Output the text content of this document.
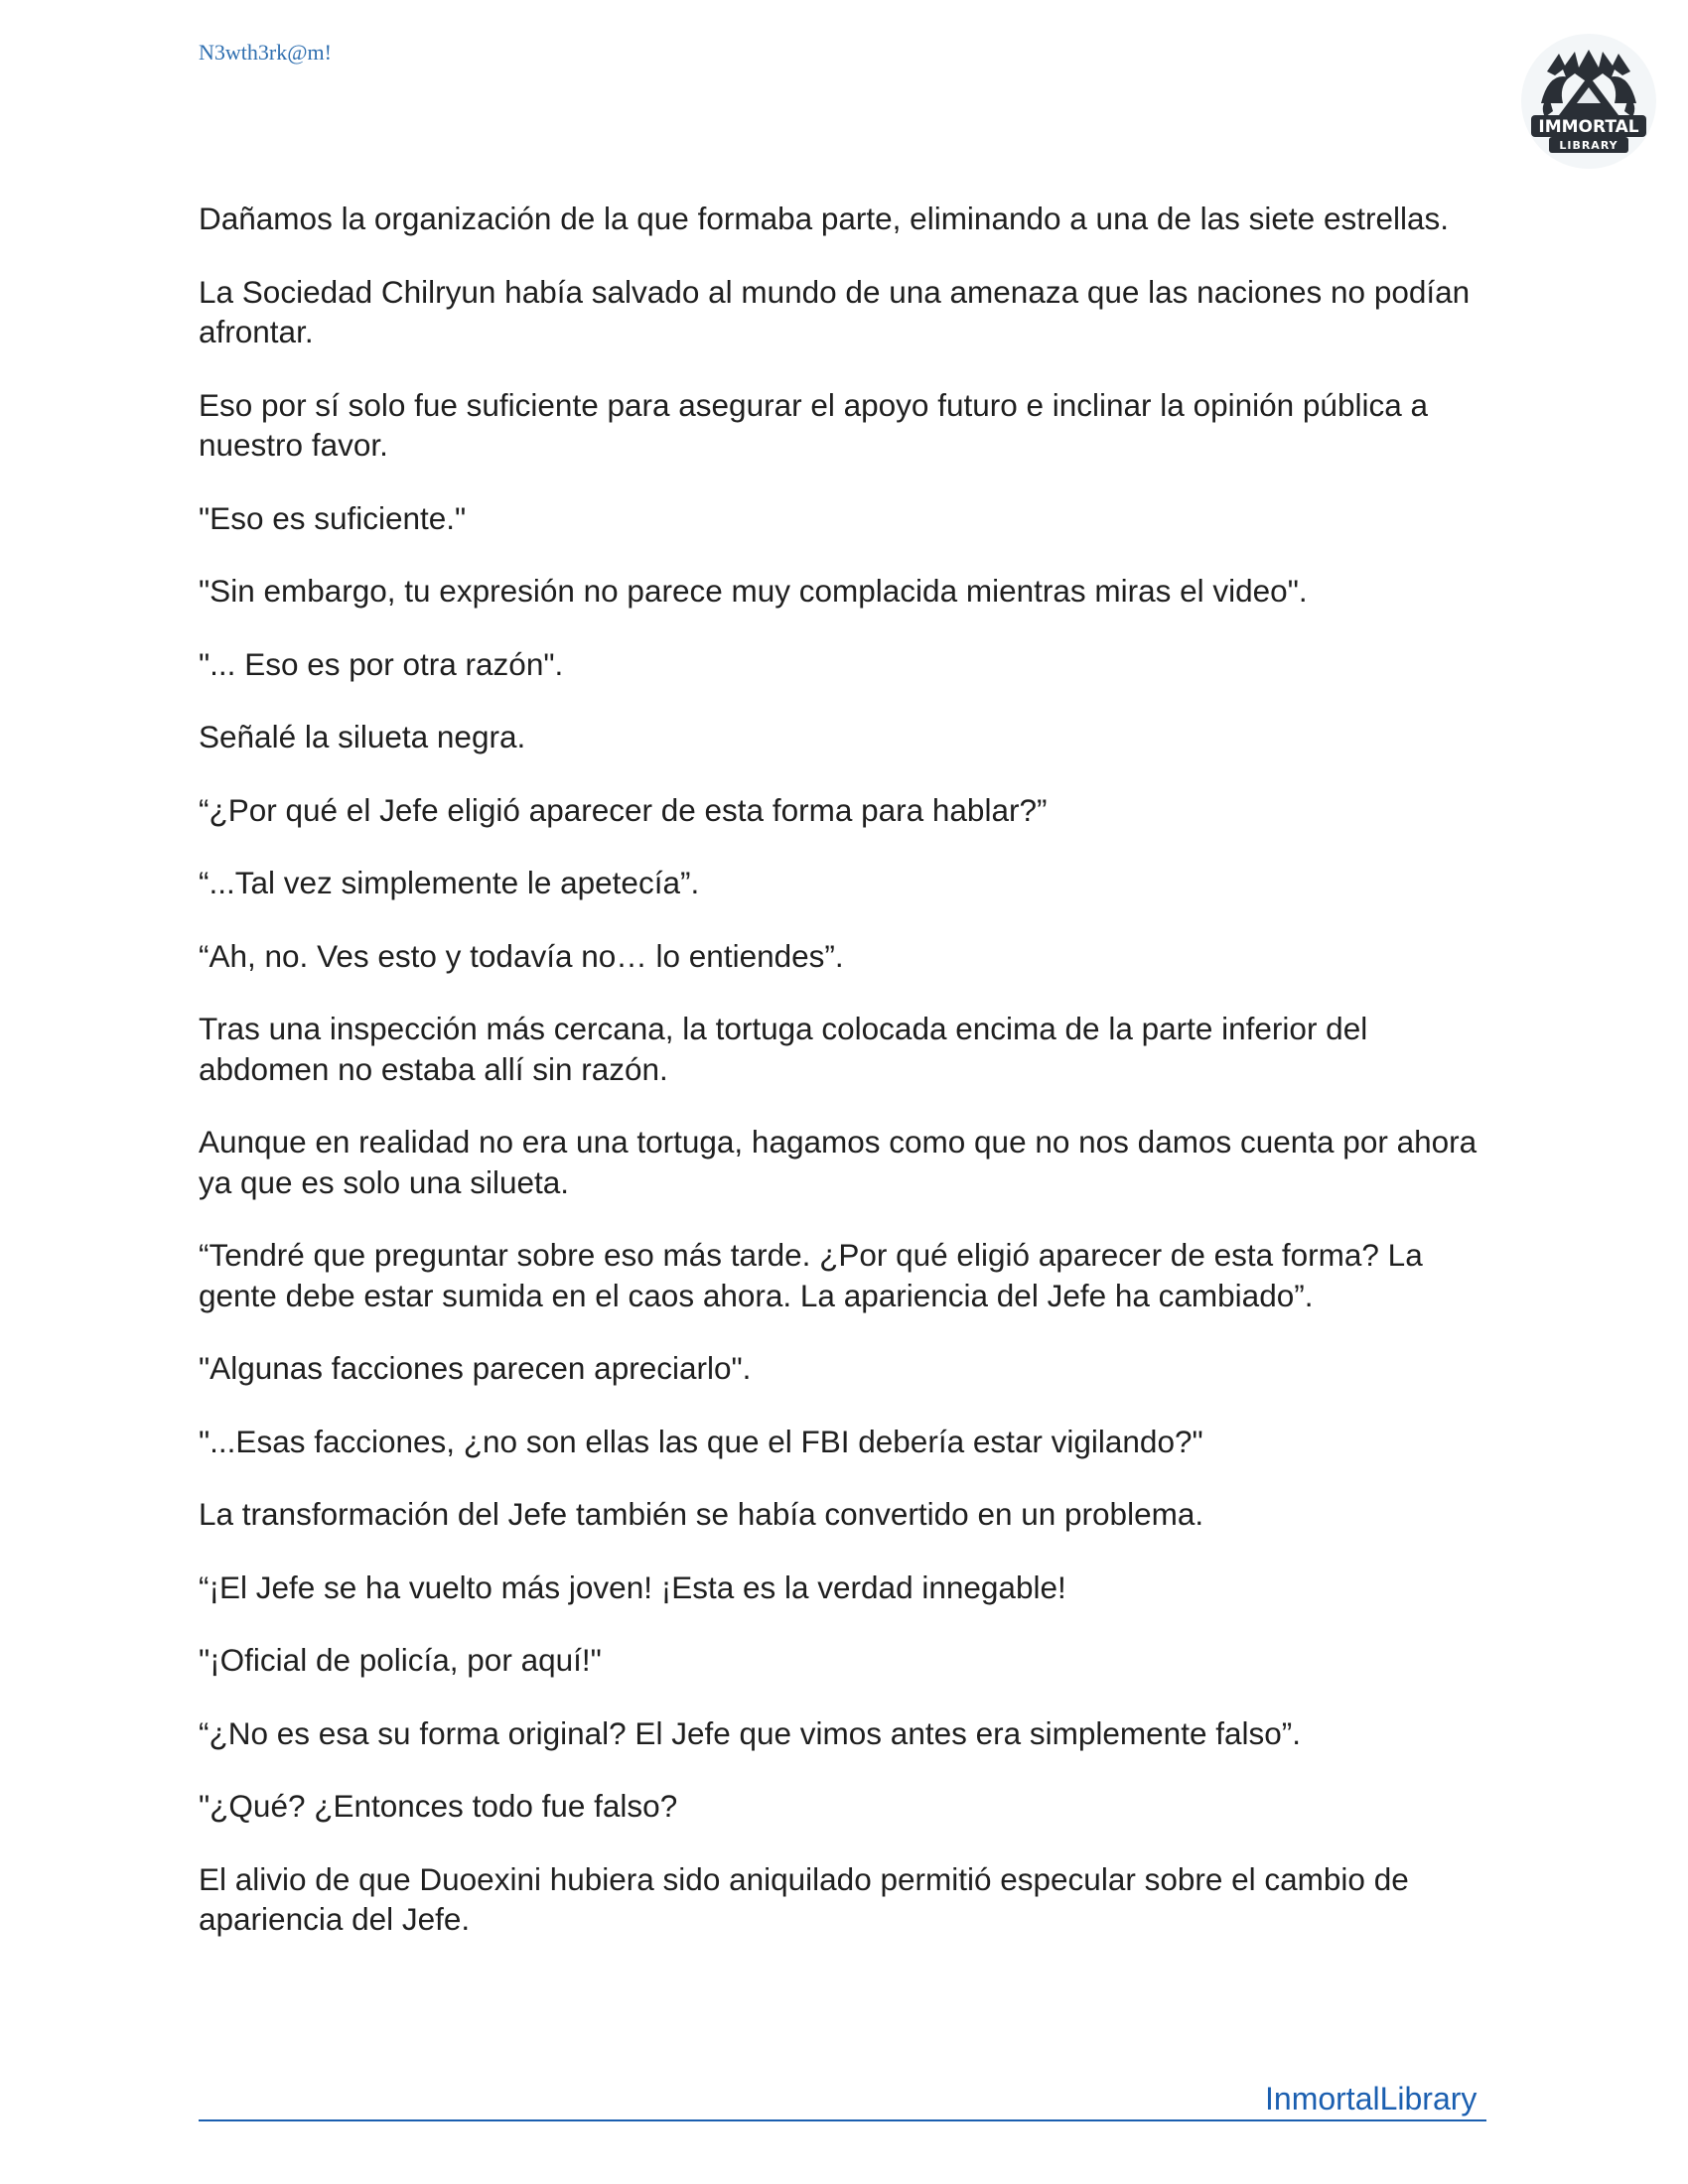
N3wth3rk@m!
IMMORTAL
LIBRARY

Dañamos la organización de la que formaba parte, eliminando a una de las siete estrellas.

La Sociedad Chilryun había salvado al mundo de una amenaza que las naciones no podían afrontar.

Eso por sí solo fue suficiente para asegurar el apoyo futuro e inclinar la opinión pública a nuestro favor.

"Eso es suficiente."

"Sin embargo, tu expresión no parece muy complacida mientras miras el video".

"... Eso es por otra razón".

Señalé la silueta negra.

“¿Por qué el Jefe eligió aparecer de esta forma para hablar?”

“...Tal vez simplemente le apetecía”.

“Ah, no. Ves esto y todavía no… lo entiendes”.

Tras una inspección más cercana, la tortuga colocada encima de la parte inferior del abdomen no estaba allí sin razón.

Aunque en realidad no era una tortuga, hagamos como que no nos damos cuenta por ahora ya que es solo una silueta.

“Tendré que preguntar sobre eso más tarde. ¿Por qué eligió aparecer de esta forma? La gente debe estar sumida en el caos ahora. La apariencia del Jefe ha cambiado”.

"Algunas facciones parecen apreciarlo".

"...Esas facciones, ¿no son ellas las que el FBI debería estar vigilando?"

La transformación del Jefe también se había convertido en un problema.

“¡El Jefe se ha vuelto más joven! ¡Esta es la verdad innegable!

"¡Oficial de policía, por aquí!"

“¿No es esa su forma original? El Jefe que vimos antes era simplemente falso”.

"¿Qué? ¿Entonces todo fue falso?

El alivio de que Duoexini hubiera sido aniquilado permitió especular sobre el cambio de apariencia del Jefe.

InmortalLibrary
